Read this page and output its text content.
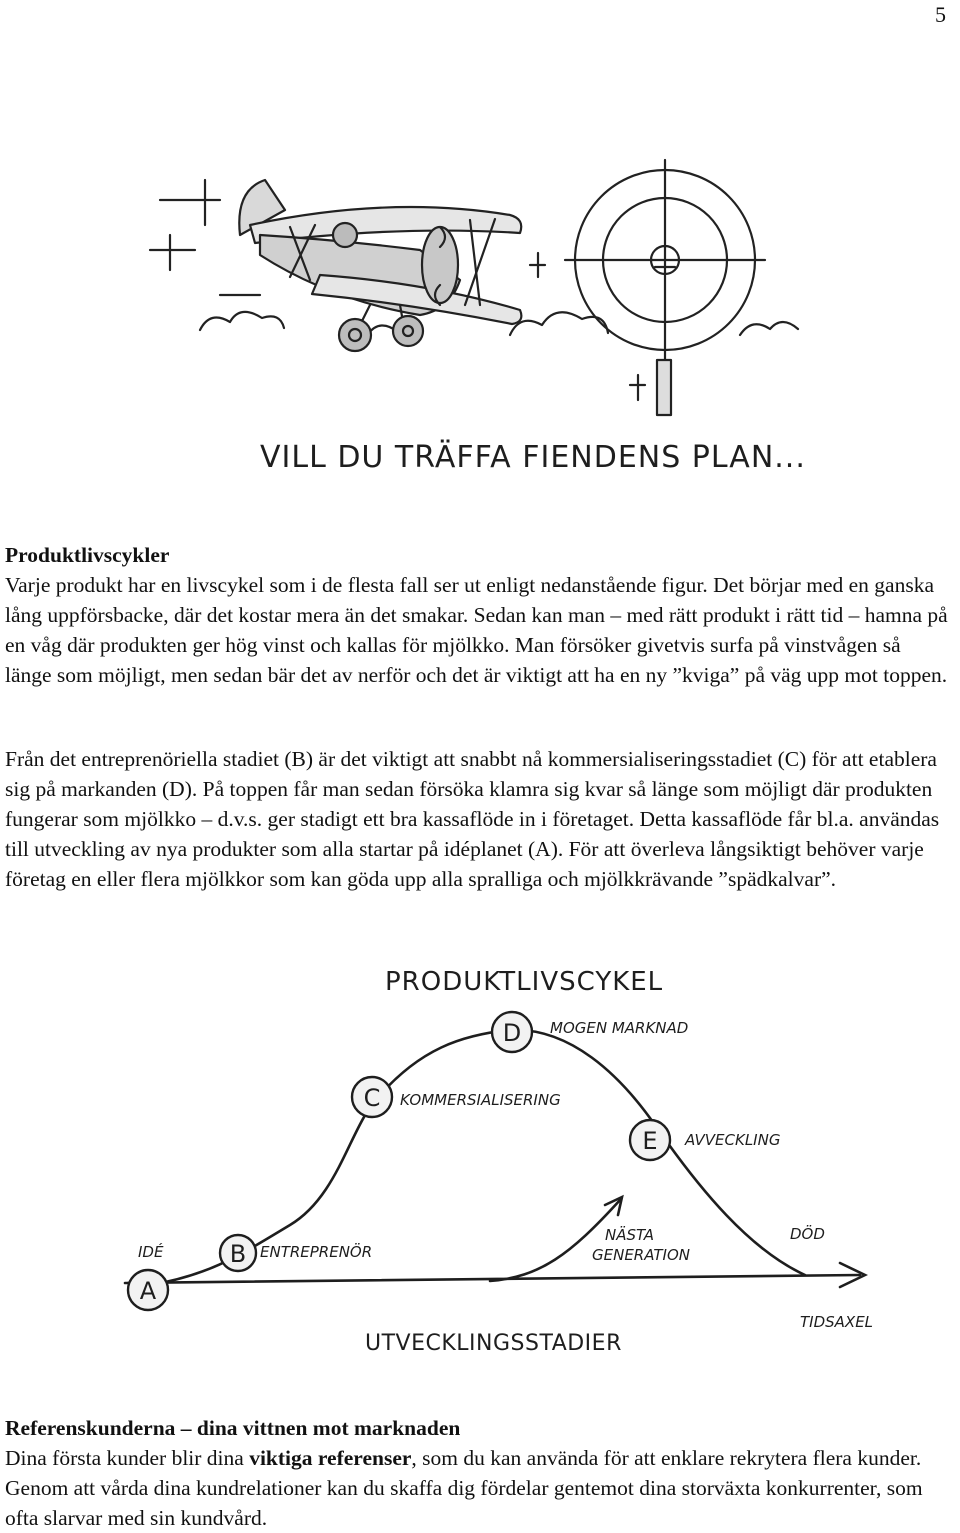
5
VILL DU TRÄFFA FIENDENS PLAN...

Produktlivscykler

Varje produkt har en livscykel som i de flesta fall ser ut enligt nedanstående figur. Det börjar med en ganska lång uppförsbacke, där det kostar mera än det smakar. Sedan kan man – med rätt produkt i rätt tid – hamna på en våg där produkten ger hög vinst och kallas för mjölkko. Man försöker givetvis surfa på vinstvågen så länge som möjligt, men sedan bär det av nerför och det är viktigt att ha en ny ”kviga” på väg upp mot toppen.

Från det entreprenöriella stadiet (B) är det viktigt att snabbt nå kommersialiseringsstadiet (C) för att etablera sig på markanden (D). På toppen får man sedan försöka klamra sig kvar så länge som möjligt där produkten fungerar som mjölkko – d.v.s. ger stadigt ett bra kassaflöde in i företaget. Detta kassaflöde får bl.a. användas till utveckling av nya produkter som alla startar på idéplanet (A). För att överleva långsiktigt behöver varje företag en eller flera mjölkkor som kan göda upp alla spralliga och mjölkkrävande ”spädkalvar”.

PRODUKTLIVSCYKEL
A
B
C
D
E
IDÉ	ENTREPRENÖR
KOMMERSIALISERING
MOGEN MARKNAD
AVVECKLING
NÄSTA
GENERATION
DÖD
TIDSAXEL
UTVECKLINGSSTADIER

Referenskunderna – dina vittnen mot marknaden

Dina första kunder blir dina viktiga referenser, som du kan använda för att enklare rekrytera flera kunder. Genom att vårda dina kundrelationer kan du skaffa dig fördelar gentemot dina storväxta konkurrenter, som ofta slarvar med sin kundvård.
